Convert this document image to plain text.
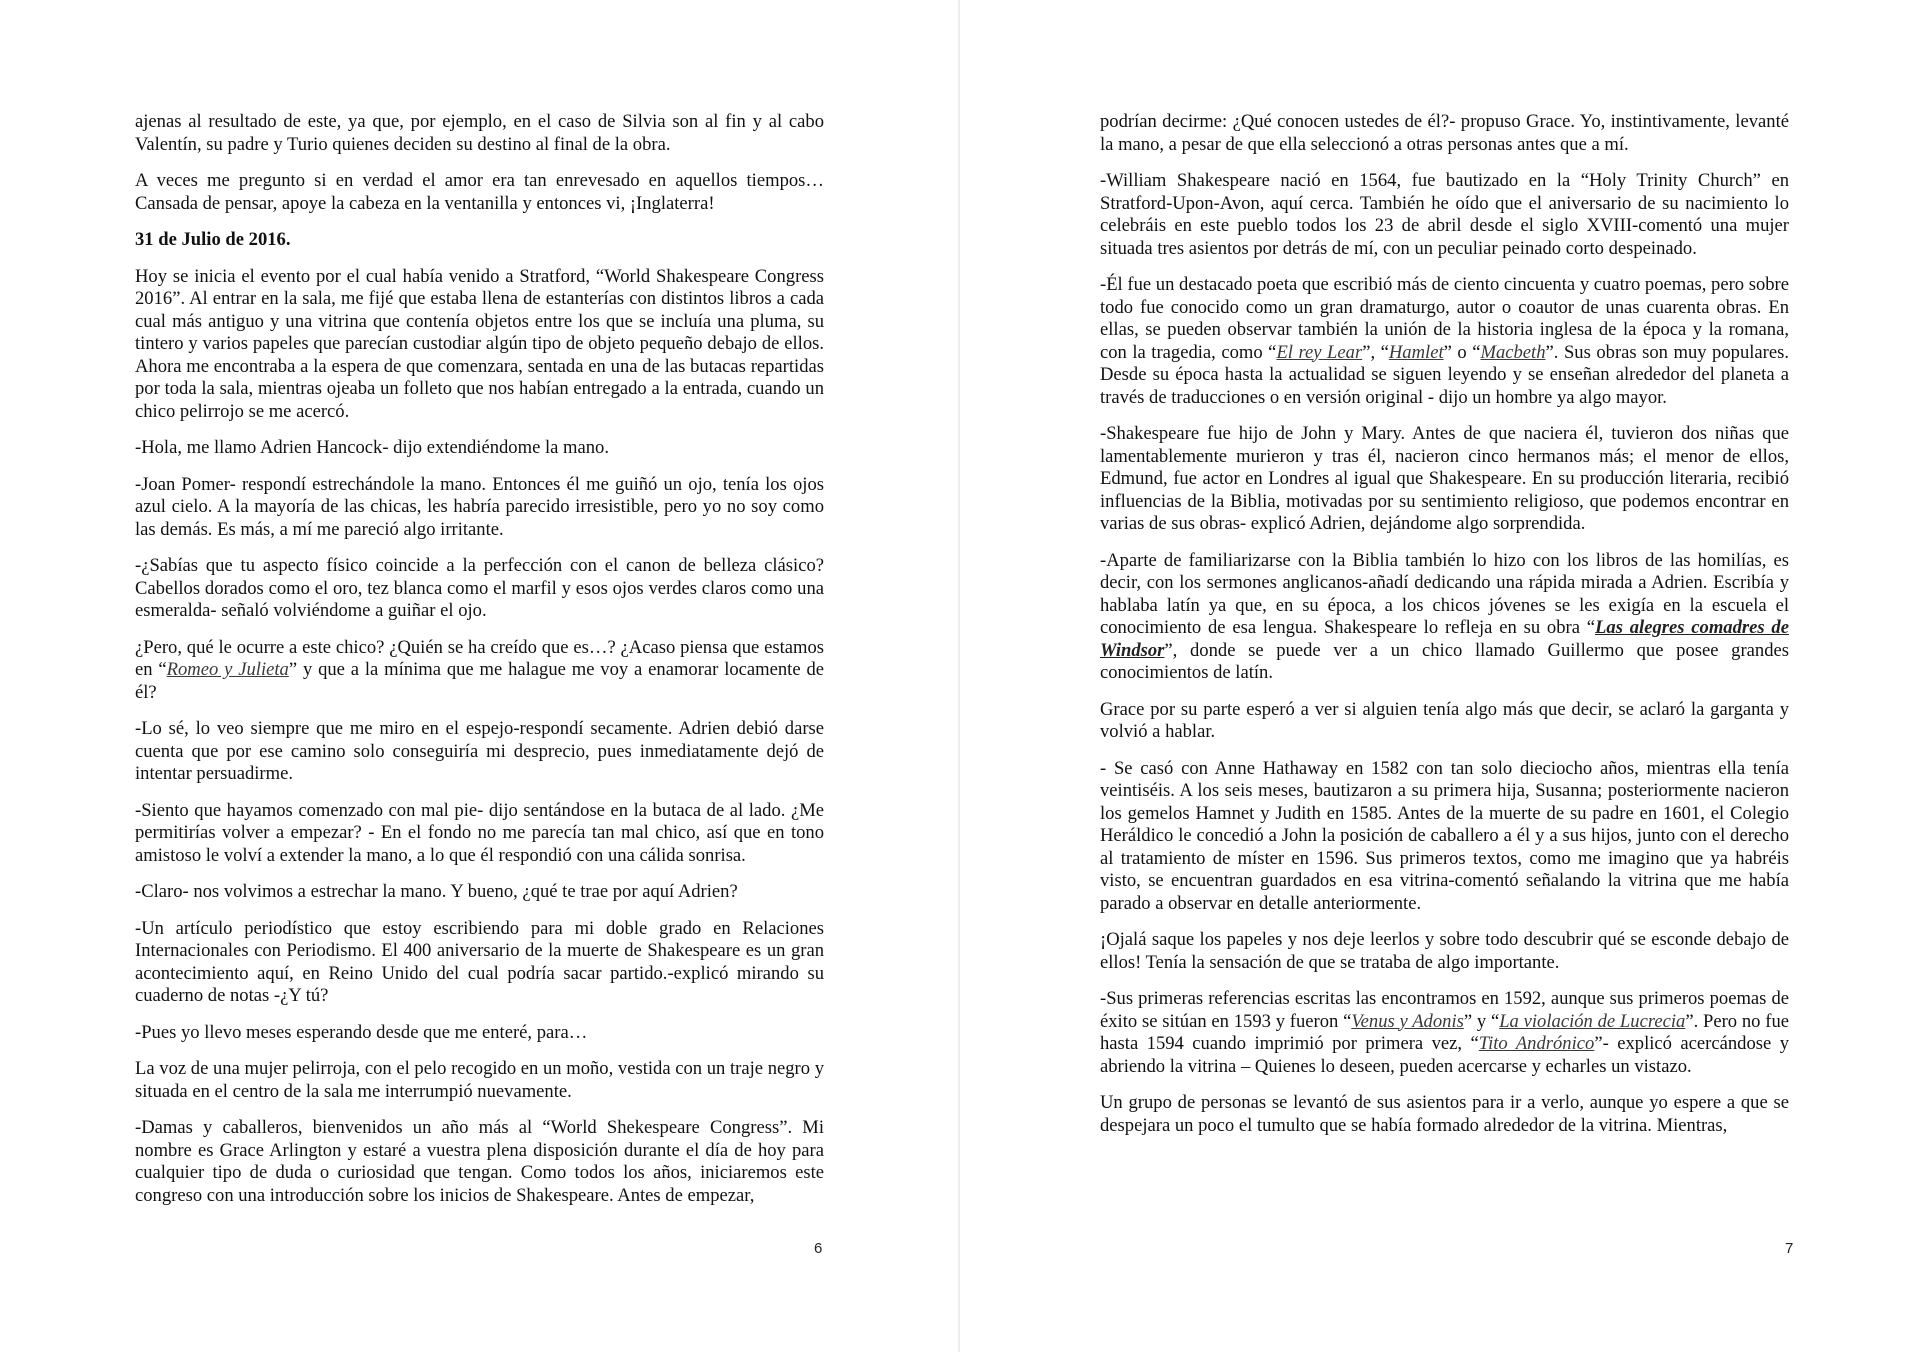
ajenas al resultado de este, ya que, por ejemplo, en el caso de Silvia son al fin y al cabo Valentín, su padre y Turio quienes deciden su destino al final de la obra.

A veces me pregunto si en verdad el amor era tan enrevesado en aquellos tiempos… Cansada de pensar, apoye la cabeza en la ventanilla y entonces vi, ¡Inglaterra!

31 de Julio de 2016.

Hoy se inicia el evento por el cual había venido a Stratford, “World Shakespeare Congress 2016”. Al entrar en la sala, me fijé que estaba llena de estanterías con distintos libros a cada cual más antiguo y una vitrina que contenía objetos entre los que se incluía una pluma, su tintero y varios papeles que parecían custodiar algún tipo de objeto pequeño debajo de ellos. Ahora me encontraba a la espera de que comenzara, sentada en una de las butacas repartidas por toda la sala, mientras ojeaba un folleto que nos habían entregado a la entrada, cuando un chico pelirrojo se me acercó.

-Hola, me llamo Adrien Hancock- dijo extendiéndome la mano.

-Joan Pomer- respondí estrechándole la mano. Entonces él me guiñó un ojo, tenía los ojos azul cielo. A la mayoría de las chicas, les habría parecido irresistible, pero yo no soy como las demás. Es más, a mí me pareció algo irritante.

-¿Sabías que tu aspecto físico coincide a la perfección con el canon de belleza clásico? Cabellos dorados como el oro, tez blanca como el marfil y esos ojos verdes claros como una esmeralda- señaló volviéndome a guiñar el ojo.

¿Pero, qué le ocurre a este chico? ¿Quién se ha creído que es…? ¿Acaso piensa que estamos en “Romeo y Julieta” y que a la mínima que me halague me voy a enamorar locamente de él?

-Lo sé, lo veo siempre que me miro en el espejo-respondí secamente. Adrien debió darse cuenta que por ese camino solo conseguiría mi desprecio, pues inmediatamente dejó de intentar persuadirme.

-Siento que hayamos comenzado con mal pie- dijo sentándose en la butaca de al lado. ¿Me permitirías volver a empezar? - En el fondo no me parecía tan mal chico, así que en tono amistoso le volví a extender la mano, a lo que él respondió con una cálida sonrisa.

-Claro- nos volvimos a estrechar la mano. Y bueno, ¿qué te trae por aquí Adrien?

-Un artículo periodístico que estoy escribiendo para mi doble grado en Relaciones Internacionales con Periodismo. El 400 aniversario de la muerte de Shakespeare es un gran acontecimiento aquí, en Reino Unido del cual podría sacar partido.-explicó mirando su cuaderno de notas -¿Y tú?

-Pues yo llevo meses esperando desde que me enteré, para…

La voz de una mujer pelirroja, con el pelo recogido en un moño, vestida con un traje negro y situada en el centro de la sala me interrumpió nuevamente.

-Damas y caballeros, bienvenidos un año más al “World Shekespeare Congress”. Mi nombre es Grace Arlington y estaré a vuestra plena disposición durante el día de hoy para cualquier tipo de duda o curiosidad que tengan. Como todos los años, iniciaremos este congreso con una introducción sobre los inicios de Shakespeare. Antes de empezar,

podrían decirme: ¿Qué conocen ustedes de él?- propuso Grace. Yo, instintivamente, levanté la mano, a pesar de que ella seleccionó a otras personas antes que a mí.

-William Shakespeare nació en 1564, fue bautizado en la “Holy Trinity Church” en Stratford-Upon-Avon, aquí cerca. También he oído que el aniversario de su nacimiento lo celebráis en este pueblo todos los 23 de abril desde el siglo XVIII-comentó una mujer situada tres asientos por detrás de mí, con un peculiar peinado corto despeinado.

-Él fue un destacado poeta que escribió más de ciento cincuenta y cuatro poemas, pero sobre todo fue conocido como un gran dramaturgo, autor o coautor de unas cuarenta obras. En ellas, se pueden observar también la unión de la historia inglesa de la época y la romana, con la tragedia, como “El rey Lear”, “Hamlet” o “Macbeth”. Sus obras son muy populares. Desde su época hasta la actualidad se siguen leyendo y se enseñan alrededor del planeta a través de traducciones o en versión original - dijo un hombre ya algo mayor.

-Shakespeare fue hijo de John y Mary. Antes de que naciera él, tuvieron dos niñas que lamentablemente murieron y tras él, nacieron cinco hermanos más; el menor de ellos, Edmund, fue actor en Londres al igual que Shakespeare. En su producción literaria, recibió influencias de la Biblia, motivadas por su sentimiento religioso, que podemos encontrar en varias de sus obras- explicó Adrien, dejándome algo sorprendida.

-Aparte de familiarizarse con la Biblia también lo hizo con los libros de las homilías, es decir, con los sermones anglicanos-añadí dedicando una rápida mirada a Adrien. Escribía y hablaba latín ya que, en su época, a los chicos jóvenes se les exigía en la escuela el conocimiento de esa lengua. Shakespeare lo refleja en su obra “Las alegres comadres de Windsor”, donde se puede ver a un chico llamado Guillermo que posee grandes conocimientos de latín.

Grace por su parte esperó a ver si alguien tenía algo más que decir, se aclaró la garganta y volvió a hablar.

- Se casó con Anne Hathaway en 1582 con tan solo dieciocho años, mientras ella tenía veintiséis. A los seis meses, bautizaron a su primera hija, Susanna; posteriormente nacieron los gemelos Hamnet y Judith en 1585. Antes de la muerte de su padre en 1601, el Colegio Heráldico le concedió a John la posición de caballero a él y a sus hijos, junto con el derecho al tratamiento de míster en 1596. Sus primeros textos, como me imagino que ya habréis visto, se encuentran guardados en esa vitrina-comentó señalando la vitrina que me había parado a observar en detalle anteriormente.

¡Ojalá saque los papeles y nos deje leerlos y sobre todo descubrir qué se esconde debajo de ellos! Tenía la sensación de que se trataba de algo importante.

-Sus primeras referencias escritas las encontramos en 1592, aunque sus primeros poemas de éxito se sitúan en 1593 y fueron “Venus y Adonis” y “La violación de Lucrecia”. Pero no fue hasta 1594 cuando imprimió por primera vez, “Tito Andrónico”- explicó acercándose y abriendo la vitrina – Quienes lo deseen, pueden acercarse y echarles un vistazo.

Un grupo de personas se levantó de sus asientos para ir a verlo, aunque yo espere a que se despejara un poco el tumulto que se había formado alrededor de la vitrina. Mientras,

6	7
